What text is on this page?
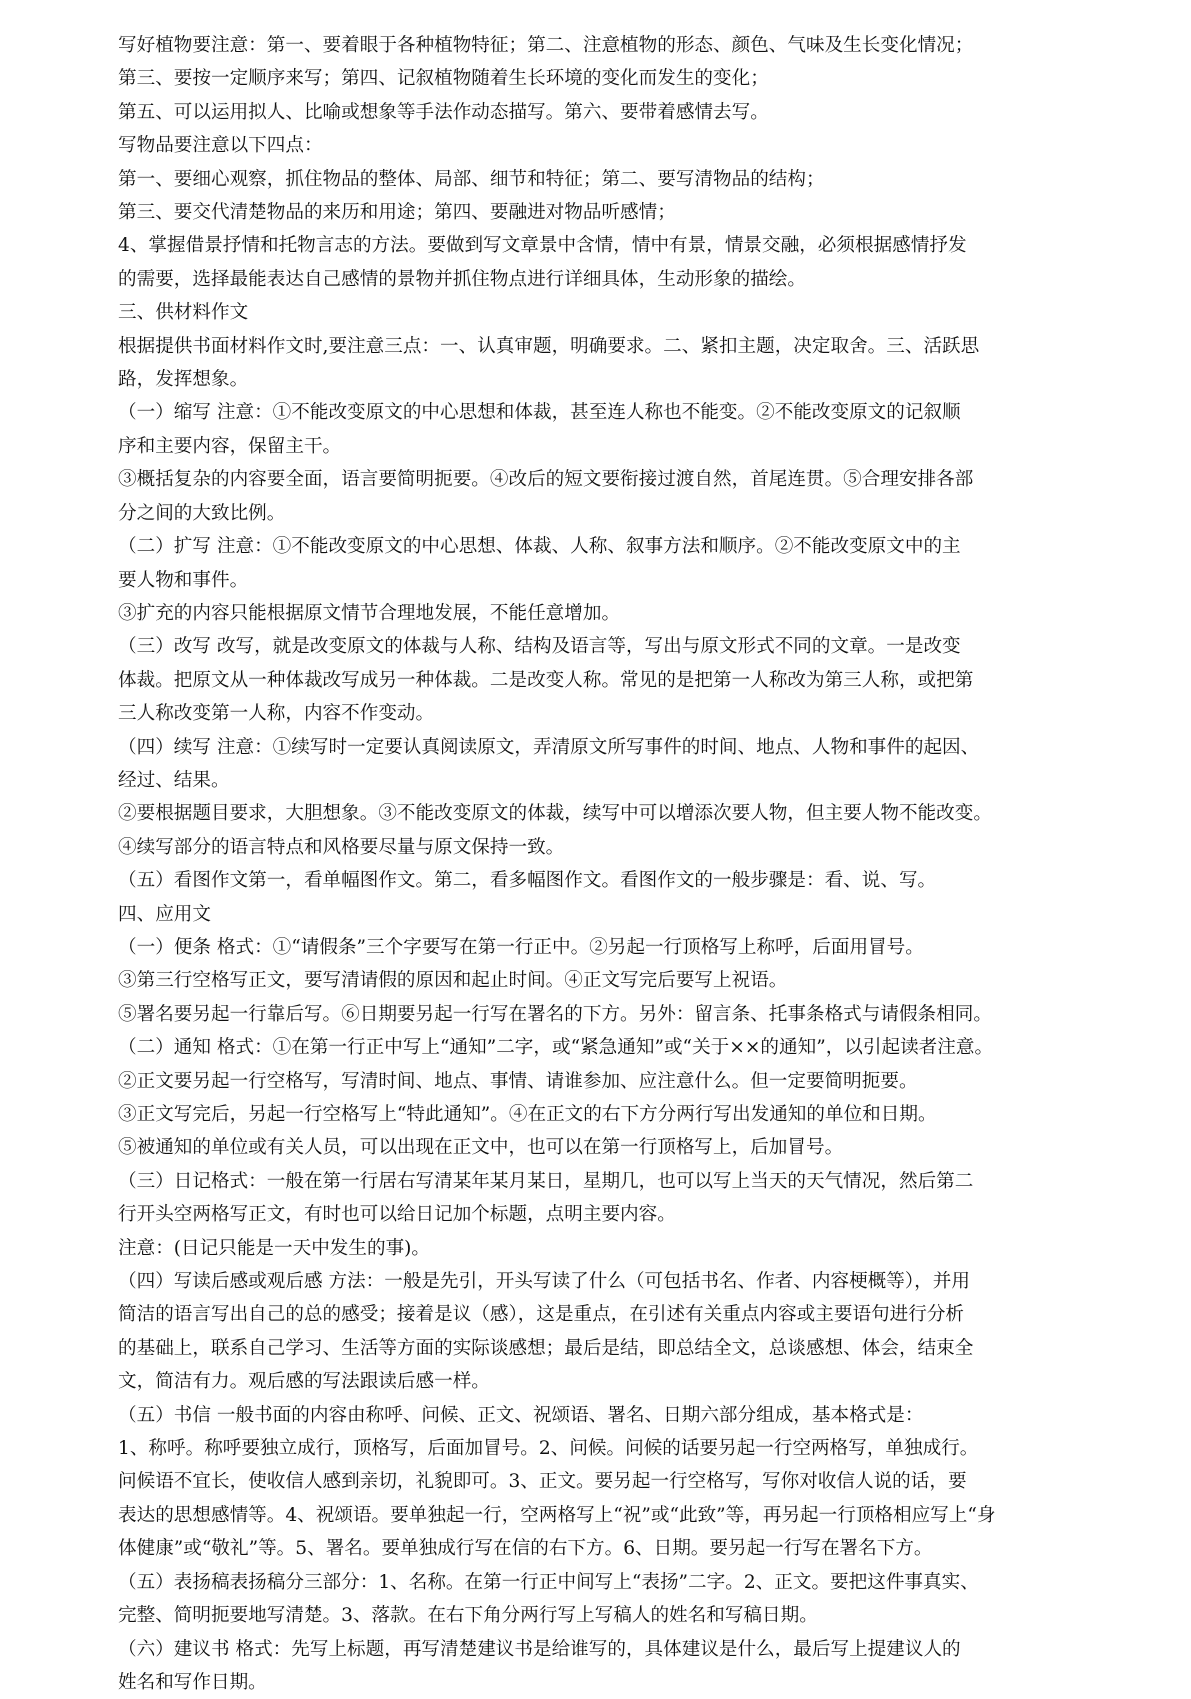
写好植物要注意：第一、要着眼于各种植物特征；第二、注意植物的形态、颜色、气味及生长变化情况；

第三、要按一定顺序来写；第四、记叙植物随着生长环境的变化而发生的变化；

第五、可以运用拟人、比喻或想象等手法作动态描写。第六、要带着感情去写。

写物品要注意以下四点：

第一、要细心观察，抓住物品的整体、局部、细节和特征；第二、要写清物品的结构；

第三、要交代清楚物品的来历和用途；第四、要融进对物品听感情；

4、掌握借景抒情和托物言志的方法。要做到写文章景中含情，情中有景，情景交融，必须根据感情抒发

的需要，选择最能表达自己感情的景物并抓住物点进行详细具体，生动形象的描绘。

三、供材料作文

根据提供书面材料作文时,要注意三点：一、认真审题，明确要求。二、紧扣主题，决定取舍。三、活跃思

路，发挥想象。

（一）缩写 注意：①不能改变原文的中心思想和体裁，甚至连人称也不能变。②不能改变原文的记叙顺

序和主要内容，保留主干。

③概括复杂的内容要全面，语言要简明扼要。④改后的短文要衔接过渡自然，首尾连贯。⑤合理安排各部

分之间的大致比例。

（二）扩写 注意：①不能改变原文的中心思想、体裁、人称、叙事方法和顺序。②不能改变原文中的主

要人物和事件。

③扩充的内容只能根据原文情节合理地发展，不能任意增加。

（三）改写 改写，就是改变原文的体裁与人称、结构及语言等，写出与原文形式不同的文章。一是改变

体裁。把原文从一种体裁改写成另一种体裁。二是改变人称。常见的是把第一人称改为第三人称，或把第

三人称改变第一人称，内容不作变动。

（四）续写 注意：①续写时一定要认真阅读原文，弄清原文所写事件的时间、地点、人物和事件的起因、

经过、结果。

②要根据题目要求，大胆想象。③不能改变原文的体裁，续写中可以增添次要人物，但主要人物不能改变。

④续写部分的语言特点和风格要尽量与原文保持一致。

（五）看图作文第一，看单幅图作文。第二，看多幅图作文。看图作文的一般步骤是：看、说、写。

四、应用文

（一）便条 格式：①“请假条”三个字要写在第一行正中。②另起一行顶格写上称呼，后面用冒号。

③第三行空格写正文，要写清请假的原因和起止时间。④正文写完后要写上祝语。

⑤署名要另起一行靠后写。⑥日期要另起一行写在署名的下方。另外：留言条、托事条格式与请假条相同。

（二）通知 格式：①在第一行正中写上“通知”二字，或“紧急通知”或“关于××的通知”，以引起读者注意。

②正文要另起一行空格写，写清时间、地点、事情、请谁参加、应注意什么。但一定要简明扼要。

③正文写完后，另起一行空格写上“特此通知”。④在正文的右下方分两行写出发通知的单位和日期。

⑤被通知的单位或有关人员，可以出现在正文中，也可以在第一行顶格写上，后加冒号。

（三）日记格式：一般在第一行居右写清某年某月某日，星期几，也可以写上当天的天气情况，然后第二

行开头空两格写正文，有时也可以给日记加个标题，点明主要内容。

注意：(日记只能是一天中发生的事)。

（四）写读后感或观后感 方法：一般是先引，开头写读了什么（可包括书名、作者、内容梗概等），并用

简洁的语言写出自己的总的感受；接着是议（感），这是重点，在引述有关重点内容或主要语句进行分析

的基础上，联系自己学习、生活等方面的实际谈感想；最后是结，即总结全文，总谈感想、体会，结束全

文，简洁有力。观后感的写法跟读后感一样。

（五）书信 一般书面的内容由称呼、问候、正文、祝颂语、署名、日期六部分组成，基本格式是：

1、称呼。称呼要独立成行，顶格写，后面加冒号。2、问候。问候的话要另起一行空两格写，单独成行。

问候语不宜长，使收信人感到亲切，礼貌即可。3、正文。要另起一行空格写，写你对收信人说的话，要

表达的思想感情等。4、祝颂语。要单独起一行，空两格写上“祝”或“此致”等，再另起一行顶格相应写上“身

体健康”或“敬礼”等。5、署名。要单独成行写在信的右下方。6、日期。要另起一行写在署名下方。

（五）表扬稿表扬稿分三部分：1、名称。在第一行正中间写上“表扬”二字。2、正文。要把这件事真实、

完整、简明扼要地写清楚。3、落款。在右下角分两行写上写稿人的姓名和写稿日期。

（六）建议书 格式：先写上标题，再写清楚建议书是给谁写的，具体建议是什么，最后写上提建议人的

姓名和写作日期。
